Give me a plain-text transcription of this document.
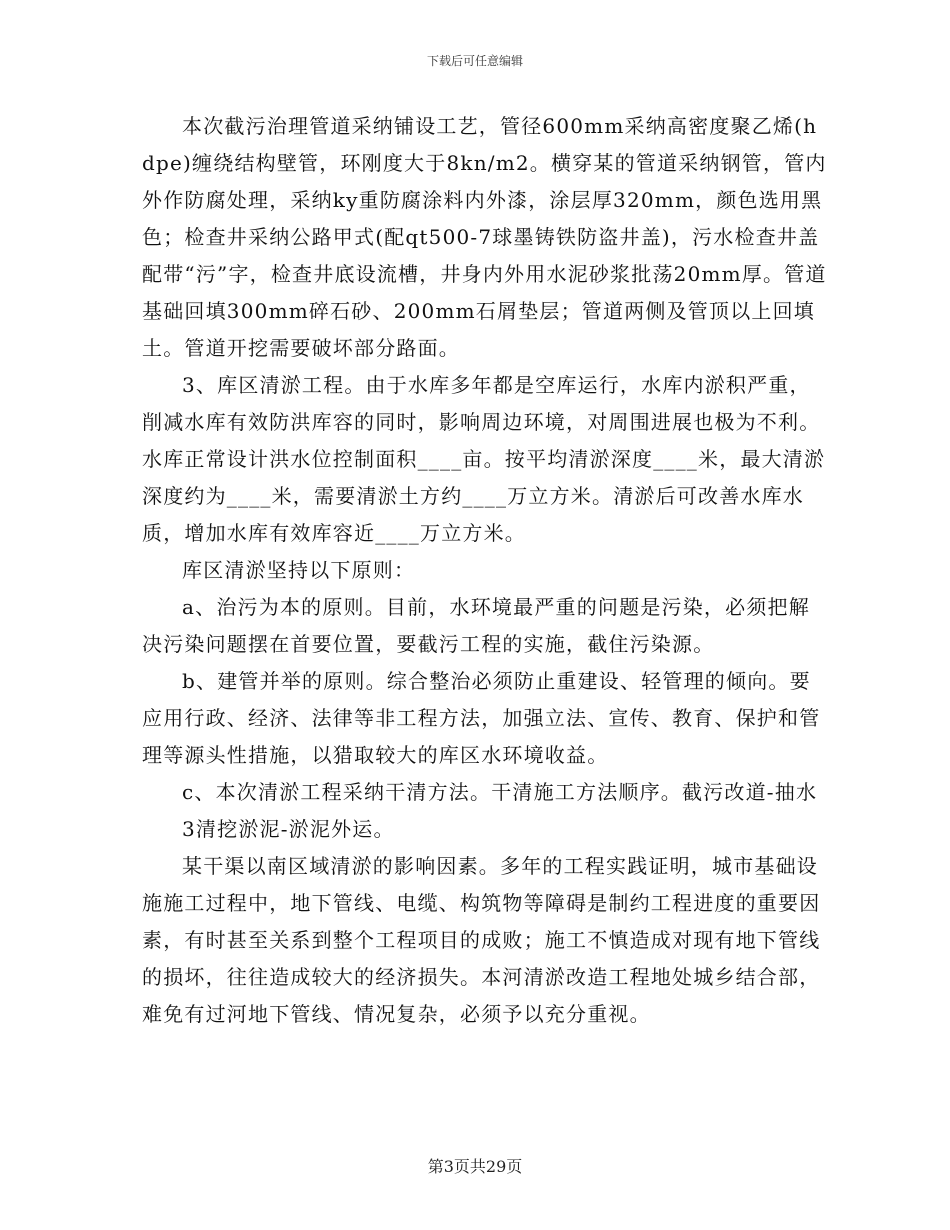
下载后可任意编辑

本次截污治理管道采纳铺设工艺，管径600mm采纳高密度聚乙烯(hdpe)缠绕结构壁管，环刚度大于8kn/m2。横穿某的管道采纳钢管，管内外作防腐处理，采纳ky重防腐涂料内外漆，涂层厚320mm，颜色选用黑色；检查井采纳公路甲式(配qt500-7球墨铸铁防盗井盖)，污水检查井盖配带“污”字，检查井底设流槽，井身内外用水泥砂浆批荡20mm厚。管道基础回填300mm碎石砂、200mm石屑垫层；管道两侧及管顶以上回填土。管道开挖需要破坏部分路面。

3、库区清淤工程。由于水库多年都是空库运行，水库内淤积严重，削减水库有效防洪库容的同时，影响周边环境，对周围进展也极为不利。水库正常设计洪水位控制面积____亩。按平均清淤深度____米，最大清淤深度约为____米，需要清淤土方约____万立方米。清淤后可改善水库水质，增加水库有效库容近____万立方米。

库区清淤坚持以下原则：

a、治污为本的原则。目前，水环境最严重的问题是污染，必须把解决污染问题摆在首要位置，要截污工程的实施，截住污染源。

b、建管并举的原则。综合整治必须防止重建设、轻管理的倾向。要应用行政、经济、法律等非工程方法，加强立法、宣传、教育、保护和管理等源头性措施，以猎取较大的库区水环境收益。

c、本次清淤工程采纳干清方法。干清施工方法顺序。截污改道-抽水

3清挖淤泥-淤泥外运。

某干渠以南区域清淤的影响因素。多年的工程实践证明，城市基础设施施工过程中，地下管线、电缆、构筑物等障碍是制约工程进度的重要因素，有时甚至关系到整个工程项目的成败；施工不慎造成对现有地下管线的损坏，往往造成较大的经济损失。本河清淤改造工程地处城乡结合部，难免有过河地下管线、情况复杂，必须予以充分重视。

第3页共29页
